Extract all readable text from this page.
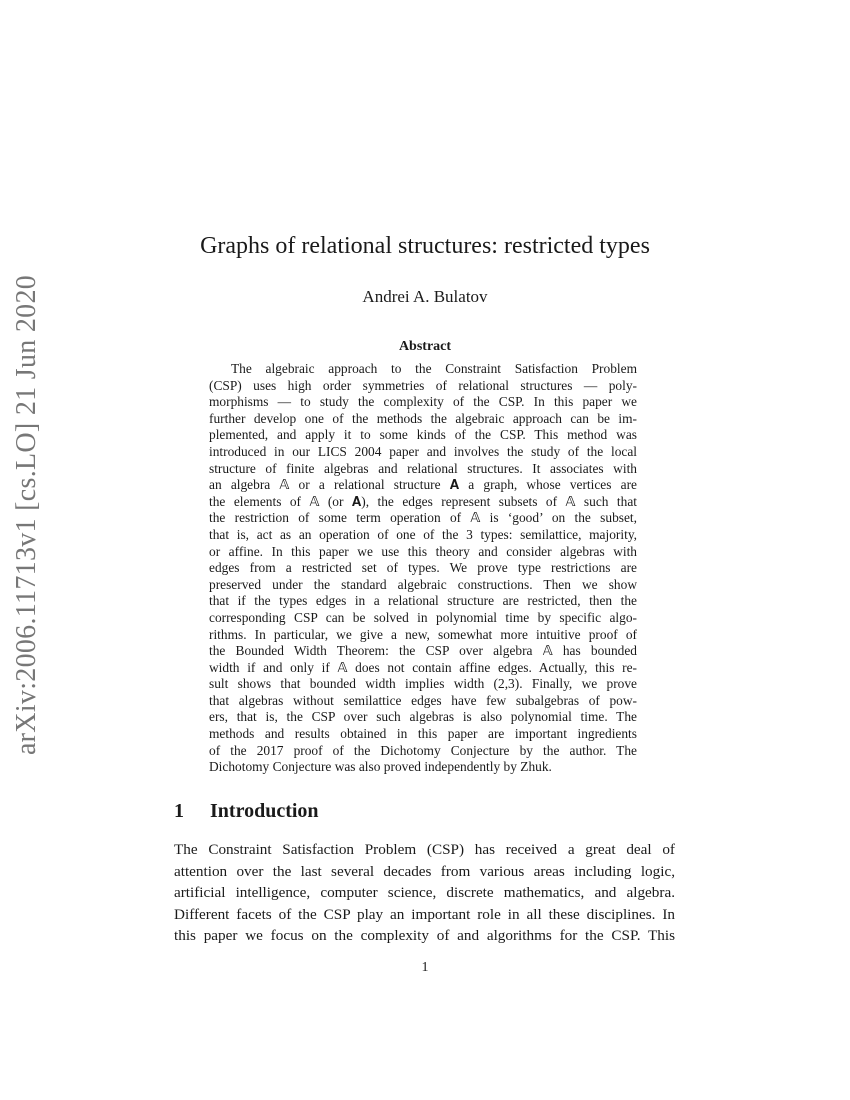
arXiv:2006.11713v1 [cs.LO] 21 Jun 2020
Graphs of relational structures: restricted types
Andrei A. Bulatov
Abstract
The algebraic approach to the Constraint Satisfaction Problem
(CSP) uses high order symmetries of relational structures — poly-
morphisms — to study the complexity of the CSP. In this paper we
further develop one of the methods the algebraic approach can be im-
plemented, and apply it to some kinds of the CSP. This method was
introduced in our LICS 2004 paper and involves the study of the local
structure of finite algebras and relational structures. It associates with
an algebra 𝔸 or a relational structure 𝐀 a graph, whose vertices are
the elements of 𝔸 (or 𝐀), the edges represent subsets of 𝔸 such that
the restriction of some term operation of 𝔸 is ‘good’ on the subset,
that is, act as an operation of one of the 3 types: semilattice, majority,
or affine. In this paper we use this theory and consider algebras with
edges from a restricted set of types. We prove type restrictions are
preserved under the standard algebraic constructions. Then we show
that if the types edges in a relational structure are restricted, then the
corresponding CSP can be solved in polynomial time by specific algo-
rithms. In particular, we give a new, somewhat more intuitive proof of
the Bounded Width Theorem: the CSP over algebra 𝔸 has bounded
width if and only if 𝔸 does not contain affine edges. Actually, this re-
sult shows that bounded width implies width (2,3). Finally, we prove
that algebras without semilattice edges have few subalgebras of pow-
ers, that is, the CSP over such algebras is also polynomial time. The
methods and results obtained in this paper are important ingredients
of the 2017 proof of the Dichotomy Conjecture by the author. The
Dichotomy Conjecture was also proved independently by Zhuk.
1 Introduction
The Constraint Satisfaction Problem (CSP) has received a great deal of
attention over the last several decades from various areas including logic,
artificial intelligence, computer science, discrete mathematics, and algebra.
Different facets of the CSP play an important role in all these disciplines. In
this paper we focus on the complexity of and algorithms for the CSP. This
1
